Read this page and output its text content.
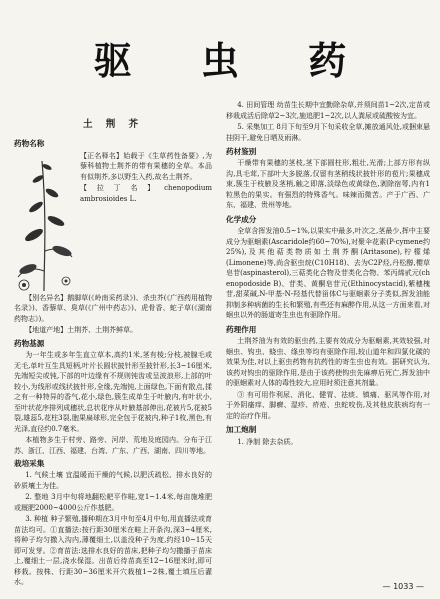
驱 虫 药
土 荆 芥
药物名称

【正名释名】始载于《生草药性备要》,为藜科植物土荆芥的带有果穗的全草。本品有似荆芥,多以野生入药,故名土荆芥。

【拉丁名】chenopodium ambrosioides L.

【别名异名】鹅脚草(《岭南采药录》)、杀虫芥(《广西药用植物名录》)、香藜草、臭草(《广州中药志》)、虎骨香、蛇子草(《湖南药物志》)。

【地道产地】土荆芥、土荆芥鲜草。

药物基源

为一年生或多年生直立草本,高约1米,茎有棱;分枝,被腺毛或无毛,单叶互生具短柄,叶片长圆状披针形至披针形,长3~16厘米,先端短尖或钝,下部的叶边缘有不规则钝齿或呈波浪形,上部的叶较小,为线形或线状披针形,全缘,先端钝,上面绿色,下面有散点,揉之有一种特异的香气,花小,绿色,簇生成单生于叶腋内,有叶状小,至叶状花序排列成穗状,总状花序从叶腋基部伸出,花被片5,花被5裂,雄蕊5,花柱3裂,胞果扁球形,完全包于花被内,种子1枚,黑色,有光泽,直径约0.7毫米。

本植物多生于村旁、路旁、河岸、荒地及庭园内。分布于江苏、浙江、江西、福建、台湾、广东、广西、湖南、四川等地。

栽培采集

1. 气候土壤 宜温暖而干燥的气候,以肥沃疏松、排水良好的砂质壤土为佳。

2. 整地 3月中旬将地翻松耙平作畦,宽1~1.4米,每亩施堆肥或厩肥2000~4000公斤作基肥。

3. 种植 种子繁殖,播种期在3月中旬至4月中旬,用直播法或育苗法均可。①直播法:按行距30厘米在畦上开条沟,深3~4厘米,将种子均匀撒入沟内,薄覆细土,以盖没种子为度,约经10~15天即可发芽。②育苗法:选排水良好的苗床,把种子均匀撒播于苗床上,覆细土一层,浇水保湿。出苗后待苗高至12~16厘米时,即可移栽。按株、行距30~36厘米开穴栽植1~2株,覆土填压后灌水。

4. 田间管理 幼苗生长期中宜勤除杂草,并须间苗1~2次,定苗或移栽成活后除草2~3次,施追肥1~2次,以人粪尿或硫酸铵为宜。

5. 采集加工 8月下旬至9月下旬采收全草,摊放通风处,或捆束悬挂阴干,避免日晒及雨淋。

药材鉴别

干燥带有果穗的茎枝,茎下部圆柱形,粗壮,光滑;上部方形有纵沟,具毛茸,下部叶大多脱落,仅留有茎稍线状披针形的苞片;果穗成束,簇生于枝腋及茎梢,触之即落,淡绿色或黄绿色,剥除宿萼,内有1粒黑色的果实。有强烈的特殊香气。味辣而微苦。产于广西、广东、福建、贵州等地。

化学成分

全草含挥发油0.5~1%,以果实中最多,叶次之,茎最少,挥中主要成分为驱蛔素(Ascaridole约60~70%),对聚伞花素(P-cymene约25%),及其他萜类物质如土荆芥酮(Aritasone),柠檬烯(Limonene)等,尚含驱虫烷(C10H18)、去为C2P烃,丹松醇,樱草皂苷(aspinasterol),三萜类化合物及苷类化合物、苯丙烯甙元(ch enopodoside B)、苷类、黄酮皂苷元(Ethinocystacid),紫穗槐苷,甜菜碱,N-甲基-N-羟基代替甾体C与驱蛔素分子类似,挥发油能抑制多种病菌的生长和繁殖,有些还有麻醉作用,从这一方面来看,对蛔虫以外的肠道寄生虫也有驱除作用。

药理作用

土荆芥油为有效的驱虫药,主要有效成分为驱蛔素,其效较强,对蛔虫、钩虫、蛲虫、绦虫等均有驱除作用,较山道年和四氯化碳的效果为佳,对以上驱虫药物有抗药性的寄生虫也有效。据研究认为,该药对钩虫的驱除作用,是由于该药使钩虫先麻痹后死亡,挥发油中的驱蛔素对人体的毒性较大,应用时须注意其剂量。

③ 有可用作利尿、消化、健胃、祛痰、镇痛、驱风等作用,对于外阴瘙痒、脚癣、湿疹、疥疮、虫蛇咬伤,及其他皮肤病均有一定的治疗作用。

加工炮制

1. 净制 除去杂质。

— 1033 —
